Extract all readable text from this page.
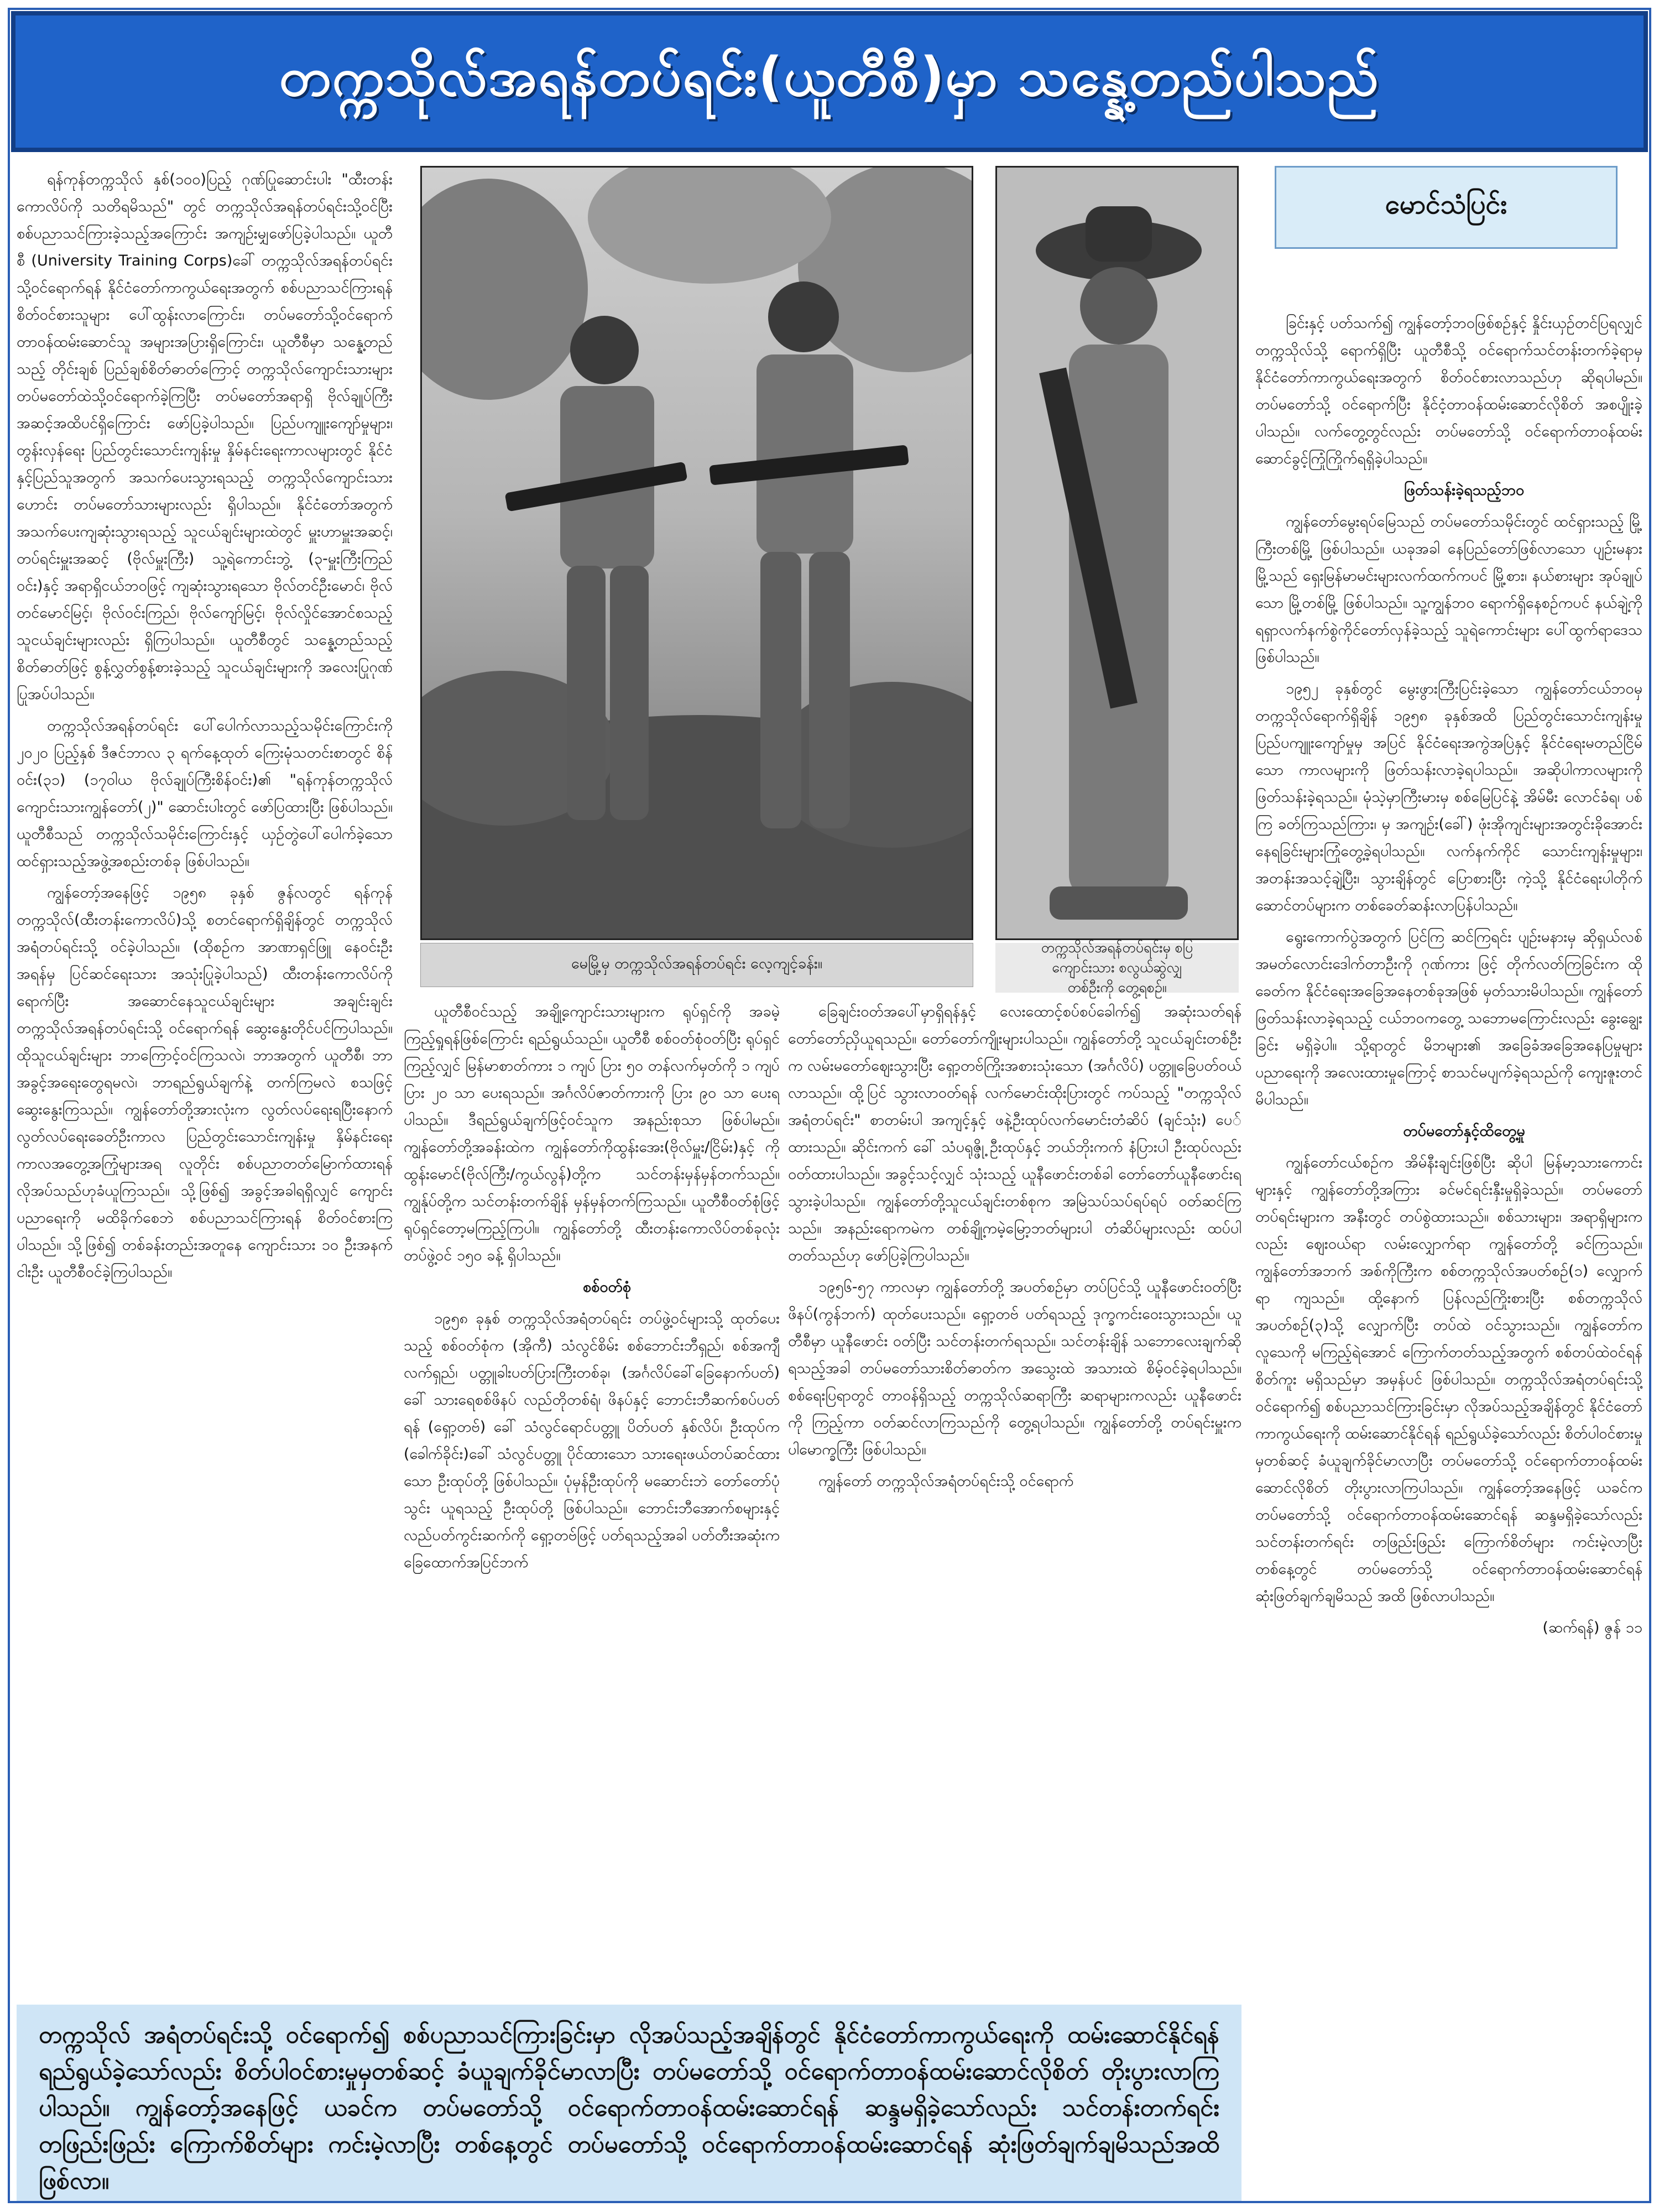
တက္ကသိုလ်အရန်တပ်ရင်း(ယူတီစီ)မှာ သန္နေ့တည်ပါသည်

ရန်ကုန်တက္ကသိုလ် နှစ်(၁၀၀)ပြည့် ဂုဏ်ပြုဆောင်းပါး "ထီးတန်းကောလိပ်ကို သတိရမိသည်" တွင် တက္ကသိုလ်အရန်တပ်ရင်းသို့ဝင်ပြီး စစ်ပညာသင်ကြားခဲ့သည့်အကြောင်း အကျဉ်းမျှဖော်ပြခဲ့ပါသည်။ ယူတီစီ (University Training Corps)ခေါ် တက္ကသိုလ်အရန်တပ်ရင်းသို့ဝင်ရောက်ရန် နိုင်ငံတော်ကာကွယ်ရေးအတွက် စစ်ပညာသင်ကြားရန် စိတ်ဝင်စားသူများ ပေါ်ထွန်းလာကြောင်း၊ တပ်မတော်သို့ဝင်ရောက်တာဝန်ထမ်းဆောင်သူ အများအပြားရှိကြောင်း၊ ယူတီစီမှာ သန္နေ့တည်သည့် တိုင်းချစ် ပြည်ချစ်စိတ်ဓာတ်ကြောင့် တက္ကသိုလ်ကျောင်းသားများ တပ်မတော်ထဲသို့ဝင်ရောက်ခဲ့ကြပြီး တပ်မတော်အရာရှိ ဗိုလ်ချုပ်ကြီးအဆင့်အထိပင်ရှိကြောင်း ဖော်ပြခဲ့ပါသည်။ ပြည်ပကျူးကျော်မှုများ၊ တွန်းလှန်ရေး ပြည်တွင်းသောင်းကျန်းမှု နှိမ်နင်းရေးကာလများတွင် နိုင်ငံနှင့်ပြည်သူအတွက် အသက်ပေးသွားရသည့် တက္ကသိုလ်ကျောင်းသားဟောင်း တပ်မတော်သားများလည်း ရှိပါသည်။ နိုင်ငံတော်အတွက် အသက်ပေးကျဆုံးသွားရသည့် သူငယ်ချင်းများထဲတွင် မှူးဟာမှူးအဆင့်၊ တပ်ရင်းမှူးအဆင့် (ဗိုလ်မှူးကြီး) သူ့ရဲကောင်းဘွဲ့ (၃-မှူးကြီးကြည်ဝင်း)နှင့် အရာရှိငယ်ဘဝဖြင့် ကျဆုံးသွားရသော ဗိုလ်တင်ဦးမောင်၊ ဗိုလ်တင်မောင်မြင့်၊ ဗိုလ်ဝင်းကြည်၊ ဗိုလ်ကျော်မြင့်၊ ဗိုလ်လှိုင်အောင်စသည့် သူငယ်ချင်းများလည်း ရှိကြပါသည်။ ယူတီစီတွင် သန္နေ့တည်သည့် စိတ်ဓာတ်ဖြင့် စွန့်လွှတ်စွန့်စားခဲ့သည့် သူငယ်ချင်းများကို အလေးပြုဂုဏ်ပြုအပ်ပါသည်။

တက္ကသိုလ်အရန်တပ်ရင်း ပေါ်ပေါက်လာသည့်သမိုင်းကြောင်းကို ၂၀၂၀ ပြည့်နှစ် ဒီဇင်ဘာလ ၃ ရက်နေ့ထုတ် ကြေးမုံသတင်းစာတွင် စိန်ဝင်း(၃၁) (၁၇ဝါယ ဗိုလ်ချုပ်ကြီးစိန်ဝင်း)၏ "ရန်ကုန်တက္ကသိုလ်ကျောင်းသားကျွန်တော်(၂)" ဆောင်းပါးတွင် ဖော်ပြထားပြီး ဖြစ်ပါသည်။ ယူတီစီသည် တက္ကသိုလ်သမိုင်းကြောင်းနှင့် ယှဉ်တွဲပေါ်ပေါက်ခဲ့သော ထင်ရှားသည့်အဖွဲ့အစည်းတစ်ခု ဖြစ်ပါသည်။

ကျွန်တော့်အနေဖြင့် ၁၉၅၈ ခုနှစ် ဇွန်လတွင် ရန်ကုန်တက္ကသိုလ်(ထီးတန်းကောလိပ်)သို့ စတင်ရောက်ရှိချိန်တွင် တက္ကသိုလ်အရံတပ်ရင်းသို့ ဝင်ခဲ့ပါသည်။ (ထိုစဉ်က အာဏာရှင်ဖြူ နေဝင်းဦး အရန်မှ ပြင်ဆင်ရေးသား အသုံးပြုခဲ့ပါသည်) ထီးတန်းကောလိပ်ကို ရောက်ပြီး အဆောင်နေသူငယ်ချင်းများ အချင်းချင်း တက္ကသိုလ်အရန်တပ်ရင်းသို့ ဝင်ရောက်ရန် ဆွေးနွေးတိုင်ပင်ကြပါသည်။ ထိုသူငယ်ချင်းများ ဘာကြောင့်ဝင်ကြသလဲ၊ ဘာအတွက် ယူတီစီ၊ ဘာအခွင့်အရေးတွေရမလဲ၊ ဘာရည်ရွယ်ချက်နဲ့ တက်ကြမလဲ စသဖြင့် ဆွေးနွေးကြသည်။ ကျွန်တော်တို့အားလုံးက လွတ်လပ်ရေးရပြီးနောက် လွတ်လပ်ရေးခေတ်ဦးကာလ ပြည်တွင်းသောင်းကျန်းမှု နှိမ်နင်းရေးကာလအတွေ့အကြုံများအရ လူတိုင်း စစ်ပညာတတ်မြောက်ထားရန် လိုအပ်သည်ဟုခံယူကြသည်။ သို့ဖြစ်၍ အခွင့်အခါရရှိလျှင် ကျောင်းပညာရေးကို မထိခိုက်စေဘဲ စစ်ပညာသင်ကြားရန် စိတ်ဝင်စားကြပါသည်။ သို့ဖြစ်၍ တစ်ခန်းတည်းအတူနေ ကျောင်းသား ၁၀ ဦးအနက် ငါးဦး ယူတီစီဝင်ခဲ့ကြပါသည်။

မေမြို့မှ တက္ကသိုလ်အရန်တပ်ရင်း လေ့ကျင့်ခန်း။
တက္ကသိုလ်အရန်တပ်ရင်းမှ စပြ
ကျောင်းသား စလွယ်ဆွဲလျှ
တစ်ဦးကို တွေ့ရစဉ်။
မောင်သံပြင်း

ယူတီစီဝင်သည့် အချို့ကျောင်းသားများက ရုပ်ရှင်ကို အခမဲ့ကြည့်ရှုရန်ဖြစ်ကြောင်း ရည်ရွယ်သည်။ ယူတီစီ စစ်ဝတ်စုံဝတ်ပြီး ရုပ်ရှင်ကြည့်လျှင် မြန်မာစာတ်ကား ၁ ကျပ် ပြား ၅၀ တန်လက်မှတ်ကို ၁ ကျပ် ပြား ၂၀ သာ ပေးရသည်။ အင်္ဂလိပ်ဇာတ်ကားကို ပြား ၉၀ သာ ပေးရပါသည်။ ဒီရည်ရွယ်ချက်ဖြင့်ဝင်သူက အနည်းစုသာ ဖြစ်ပါမည်။ ကျွန်တော်တို့အခန်းထဲက ကျွန်တော်ကိုထွန်းအေး(ဗိုလ်မှူး/ငြိမ်း)နှင့် ကိုထွန်းမောင်(ဗိုလ်ကြီး/ကွယ်လွန်)တို့က သင်တန်းမှန်မှန်တက်သည်။ ကျွန်ုပ်တို့က သင်တန်းတက်ချိန် မှန်မှန်တက်ကြသည်။ ယူတီစီဝတ်စုံဖြင့် ရုပ်ရှင်တော့မကြည့်ကြပါ။ ကျွန်တော်တို့ ထီးတန်းကောလိပ်တစ်ခုလုံး တပ်ဖွဲ့ဝင် ၁၅၀ ခန့် ရှိပါသည်။

စစ်ဝတ်စုံ

၁၉၅၈ ခုနှစ် တက္ကသိုလ်အရံတပ်ရင်း တပ်ဖွဲ့ဝင်များသို့ ထုတ်ပေးသည့် စစ်ဝတ်စုံက (အိုကီ) သံလွင်စိမ်း စစ်ဘောင်းဘီရှည်၊ စစ်အကျီလက်ရှည်၊ ပတ္တူခါးပတ်ပြားကြီးတစ်ခု၊ (အင်္ဂလိပ်ခေါ်ခြေနောက်ပတ်) ခေါ် သားရေစစ်ဖိနပ် လည်တိုတစ်ရံ၊ ဖိနပ်နှင့် ဘောင်းဘီဆက်စပ်ပတ်ရန် (ရှော့တဗ်) ခေါ် သံလွင်ရောင်ပတ္တူ ပိတ်ပတ် နှစ်လိပ်၊ ဦးထုပ်က (ခေါက်ခိုင်း)ခေါ် သံလွင်ပတ္တူ ပိုင်ထားသော သားရေးဖယ်တပ်ဆင်ထားသော ဦးထုပ်တို့ ဖြစ်ပါသည်။ ပုံမှန်ဦးထုပ်ကို မဆောင်းဘဲ တော်တော်ပုံသွင်း ယူရသည့် ဦးထုပ်တို့ ဖြစ်ပါသည်။ ဘောင်းဘီအောက်စများနှင့် လည်ပတ်ကွင်းဆက်ကို ရှော့တဗ်ဖြင့် ပတ်ရသည့်အခါ ပတ်တီးအဆုံးက ခြေထောက်အပြင်ဘက်

ခြေချင်းဝတ်အပေါ်မှာရှိရန်နှင့် လေးထောင့်စပ်စပ်ခေါက်၍ အဆုံးသတ်ရန် တော်တော်ညှိယူရသည်။ တော်တော်ကျိုးများပါသည်။ ကျွန်တော်တို့ သူငယ်ချင်းတစ်ဦးက လမ်းမတော်ဈေးသွားပြီး ရှော့တဗ်ကြိုးအစားသုံးသော (အင်္ဂလိပ်) ပတ္တူခြေပတ်ဝယ်လာသည်။ ထို့ပြင် သွားလာဝတ်ရန် လက်မောင်းထိုးပြားတွင် ကပ်သည့် "တက္ကသိုလ်အရံတပ်ရင်း" စာတမ်းပါ အကျင့်နှင့် ဖနဲ့ဦးထုပ်လက်မောင်းတံဆိပ် (ချင်သုံး) ပေ်ထားသည်။ ဆိုင်းကက် ခေါ် သံပရုဇ္ဖို့ ဦးထုပ်နှင့် ဘယ်ဘိုးကက် နံပြားပါ ဦးထုပ်လည်း ဝတ်ထားပါသည်။ အခွင့်သင့်လျှင် သုံးသည့် ယူနီဖောင်းတစ်ခါ တော်တော်ယူနီဖောင်းရသွားခဲ့ပါသည်။ ကျွန်တော်တို့သူငယ်ချင်းတစ်စုက အမြဲသပ်သပ်ရပ်ရပ် ဝတ်ဆင်ကြသည်။ အနည်းရောကမဲက တစ်ချို့ကမဲ့မြော့ဘတ်များပါ တံဆိပ်များလည်း ထပ်ပါတတ်သည်ဟု ဖော်ပြခဲ့ကြပါသည်။

၁၉၅၆-၅၇ ကာလမှာ ကျွန်တော်တို့ အပတ်စဉ်မှာ တပ်ပြင်သို့ ယူနီဖောင်းဝတ်ပြီး ဖိနပ်(ကွန်ဘက်) ထုတ်ပေးသည်။ ရှော့တဗ် ပတ်ရသည့် ဒုက္ခကင်းဝေးသွားသည်။ ယူတီစီမှာ ယူနီဖောင်း ဝတ်ပြီး သင်တန်းတက်ရသည်။ သင်တန်းချိန် သဘောလေးချက်ဆိုရသည့်အခါ တပ်မတော်သားစိတ်ဓာတ်က အသွေးထဲ အသားထဲ စိမ့်ဝင်ခဲ့ရပါသည်။ စစ်ရေးပြရာတွင် တာဝန်ရှိသည့် တက္ကသိုလ်ဆရာကြီး ဆရာများကလည်း ယူနီဖောင်းကို ကြည့်ကာ ဝတ်ဆင်လာကြသည်ကို တွေ့ရပါသည်။ ကျွန်တော်တို့ တပ်ရင်းမှူးက ပါမောက္ခကြီး ဖြစ်ပါသည်။

ကျွန်တော် တက္ကသိုလ်အရံတပ်ရင်းသို့ ဝင်ရောက်

ခြင်းနှင့် ပတ်သက်၍ ကျွန်တော့်ဘဝဖြစ်စဉ်နှင့် နှိုင်းယှဉ်တင်ပြရလျှင် တက္ကသိုလ်သို့ ရောက်ရှိပြီး ယူတီစီသို့ ဝင်ရောက်သင်တန်းတက်ခဲ့ရာမှ နိုင်ငံတော်ကာကွယ်ရေးအတွက် စိတ်ဝင်စားလာသည်ဟု ဆိုရပါမည်။ တပ်မတော်သို့ ဝင်ရောက်ပြီး နိုင်ငံ့တာဝန်ထမ်းဆောင်လိုစိတ် အစပျိုးခဲ့ပါသည်။ လက်တွေ့တွင်လည်း တပ်မတော်သို့ ဝင်ရောက်တာဝန်ထမ်းဆောင်ခွင့်ကြုံကြိုက်ရရှိခဲ့ပါသည်။

ဖြတ်သန်းခဲ့ရသည့်ဘဝ

ကျွန်တော်မွေးရပ်မြေသည် တပ်မတော်သမိုင်းတွင် ထင်ရှားသည့် မြို့ကြီးတစ်မြို့ ဖြစ်ပါသည်။ ယခုအခါ နေပြည်တော်ဖြစ်လာသော ပျဉ်းမနားမြို့သည် ရှေးမြန်မာမင်းများလက်ထက်ကပင် မြို့စား၊ နယ်စားများ အုပ်ချုပ်သော မြို့တစ်မြို့ ဖြစ်ပါသည်။ သူ့ကျွန်ဘဝ ရောက်ရှိနေစဉ်ကပင် နယ်ချဲ့ကို ရရှာလက်နက်စွဲကိုင်တော်လှန်ခဲ့သည့် သူရဲကောင်းများ ပေါ်ထွက်ရာဒေသ ဖြစ်ပါသည်။

၁၉၅၂ ခုနှစ်တွင် မွေးဖွားကြီးပြင်းခဲ့သော ကျွန်တော်ငယ်ဘဝမှ တက္ကသိုလ်ရောက်ရှိချိန် ၁၉၅၈ ခုနှစ်အထိ ပြည်တွင်းသောင်းကျန်းမှု ပြည်ပကျူးကျော်မှုမှ အပြင် နိုင်ငံရေးအကွဲအပြဲနှင့် နိုင်ငံရေးမတည်ငြိမ်သော ကာလများကို ဖြတ်သန်းလာခဲ့ရပါသည်။ အဆိုပါကာလများကို ဖြတ်သန်းခဲ့ရသည်။ မုံသဲ့မှာကြီးမားမှ စစ်မြေပြင်နဲ့ အိမ်မီး လောင်ခံရ၊ ပစ်ကြ ခတ်ကြသည်ကြား၊ မှ အကျဉ်း(ခေါ်) ဖုံးအိုကျင်းများအတွင်းခိုအောင်းနေရခြင်းများကြုံတွေ့ခဲ့ရပါသည်။ လက်နက်ကိုင် သောင်းကျန်းမှုများ၊ အတန်းအသင့်ချဲ့ပြီး၊ သွားချိန်တွင် ပြောစားပြီး ကဲ့သို့ နိုင်ငံရေးပါတိုက်ဆောင်တပ်များက တစ်ခေတ်ဆန်းလာပြန်ပါသည်။

ရွေးကောက်ပွဲအတွက် ပြင်ကြ ဆင်ကြရင်း ပျဉ်းမနားမှ ဆိုရှယ်လစ် အမတ်လောင်းဒေါက်တာဦးကို ဂုဏ်ကား ဖြင့် တိုက်လတ်ကြခြင်းက ထိုခေတ်က နိုင်ငံရေးအခြေအနေတစ်ခုအဖြစ် မှတ်သားမိပါသည်။ ကျွန်တော်ဖြတ်သန်းလာခဲ့ရသည့် ငယ်ဘဝကတွေ့ သဘောမကြောင်းလည်း ခွေးချွေးခြင်း မရှိခဲ့ပါ။ သို့ရာတွင် မိဘများ၏ အခြေခံအခြေအနေပြမှုများ ပညာရေးကို အလေးထားမှုကြောင့် စာသင်မပျက်ခဲ့ရသည်ကို ကျေးဇူးတင်မိပါသည်။

တပ်မတော်နှင့်ထိတွေ့မှု

ကျွန်တော်ငယ်စဉ်က အိမ်နီးချင်းဖြစ်ပြီး ဆိုပါ မြန်မာ့သားကောင်းများနှင့် ကျွန်တော်တို့အကြား ခင်မင်ရင်းနှီးမှုရှိခဲ့သည်။ တပ်မတော်တပ်ရင်းများက အနီးတွင် တပ်စွဲထားသည်။ စစ်သားများ၊ အရာရှိများကလည်း ဈေးဝယ်ရာ လမ်းလျှောက်ရာ ကျွန်တော်တို့ ခင်ကြသည်။ ကျွန်တော်အဘက် အစ်ကိုကြီးက စစ်တက္ကသိုလ်အပတ်စဉ်(၁) လျှောက်ရာ ကျသည်။ ထို့နောက် ပြန်လည်ကြိုးစားပြီး စစ်တက္ကသိုလ်အပတ်စဉ်(၃)သို့ လျှောက်ပြီး တပ်ထဲ ဝင်သွားသည်။ ကျွန်တော်က လူသေကို မကြည့်ရဲအောင် ကြောက်တတ်သည့်အတွက် စစ်တပ်ထဲဝင်ရန် စိတ်ကူး မရှိသည်မှာ အမှန်ပင် ဖြစ်ပါသည်။ တက္ကသိုလ်အရံတပ်ရင်းသို့ ဝင်ရောက်၍ စစ်ပညာသင်ကြားခြင်းမှာ လိုအပ်သည့်အချိန်တွင် နိုင်ငံတော်ကာကွယ်ရေးကို ထမ်းဆောင်နိုင်ရန် ရည်ရွယ်ခဲ့သော်လည်း စိတ်ပါဝင်စားမှုမှတစ်ဆင့် ခံယူချက်ခိုင်မာလာပြီး တပ်မတော်သို့ ဝင်ရောက်တာဝန်ထမ်းဆောင်လိုစိတ် တိုးပွားလာကြပါသည်။ ကျွန်တော့်အနေဖြင့် ယခင်က တပ်မတော်သို့ ဝင်ရောက်တာဝန်ထမ်းဆောင်ရန် ဆန္ဒမရှိခဲ့သော်လည်း သင်တန်းတက်ရင်း တဖြည်းဖြည်း ကြောက်စိတ်များ ကင်းမဲ့လာပြီး တစ်နေ့တွင် တပ်မတော်သို့ ဝင်ရောက်တာဝန်ထမ်းဆောင်ရန် ဆုံးဖြတ်ချက်ချမိသည် အထိ ဖြစ်လာပါသည်။

(ဆက်ရန်) ဇွန် ၁၁

တက္ကသိုလ် အရံတပ်ရင်းသို့ ဝင်ရောက်၍ စစ်ပညာသင်ကြားခြင်းမှာ လိုအပ်သည့်အချိန်တွင် နိုင်ငံတော်ကာကွယ်ရေးကို ထမ်းဆောင်နိုင်ရန် ရည်ရွယ်ခဲ့သော်လည်း စိတ်ပါဝင်စားမှုမှတစ်ဆင့် ခံယူချက်ခိုင်မာလာပြီး တပ်မတော်သို့ ဝင်ရောက်တာဝန်ထမ်းဆောင်လိုစိတ် တိုးပွားလာကြပါသည်။ ကျွန်တော့်အနေဖြင့် ယခင်က တပ်မတော်သို့ ဝင်ရောက်တာဝန်ထမ်းဆောင်ရန် ဆန္ဒမရှိခဲ့သော်လည်း သင်တန်းတက်ရင်း တဖြည်းဖြည်း ကြောက်စိတ်များ ကင်းမဲ့လာပြီး တစ်နေ့တွင် တပ်မတော်သို့ ဝင်ရောက်တာဝန်ထမ်းဆောင်ရန် ဆုံးဖြတ်ချက်ချမိသည်အထိဖြစ်လာ။
